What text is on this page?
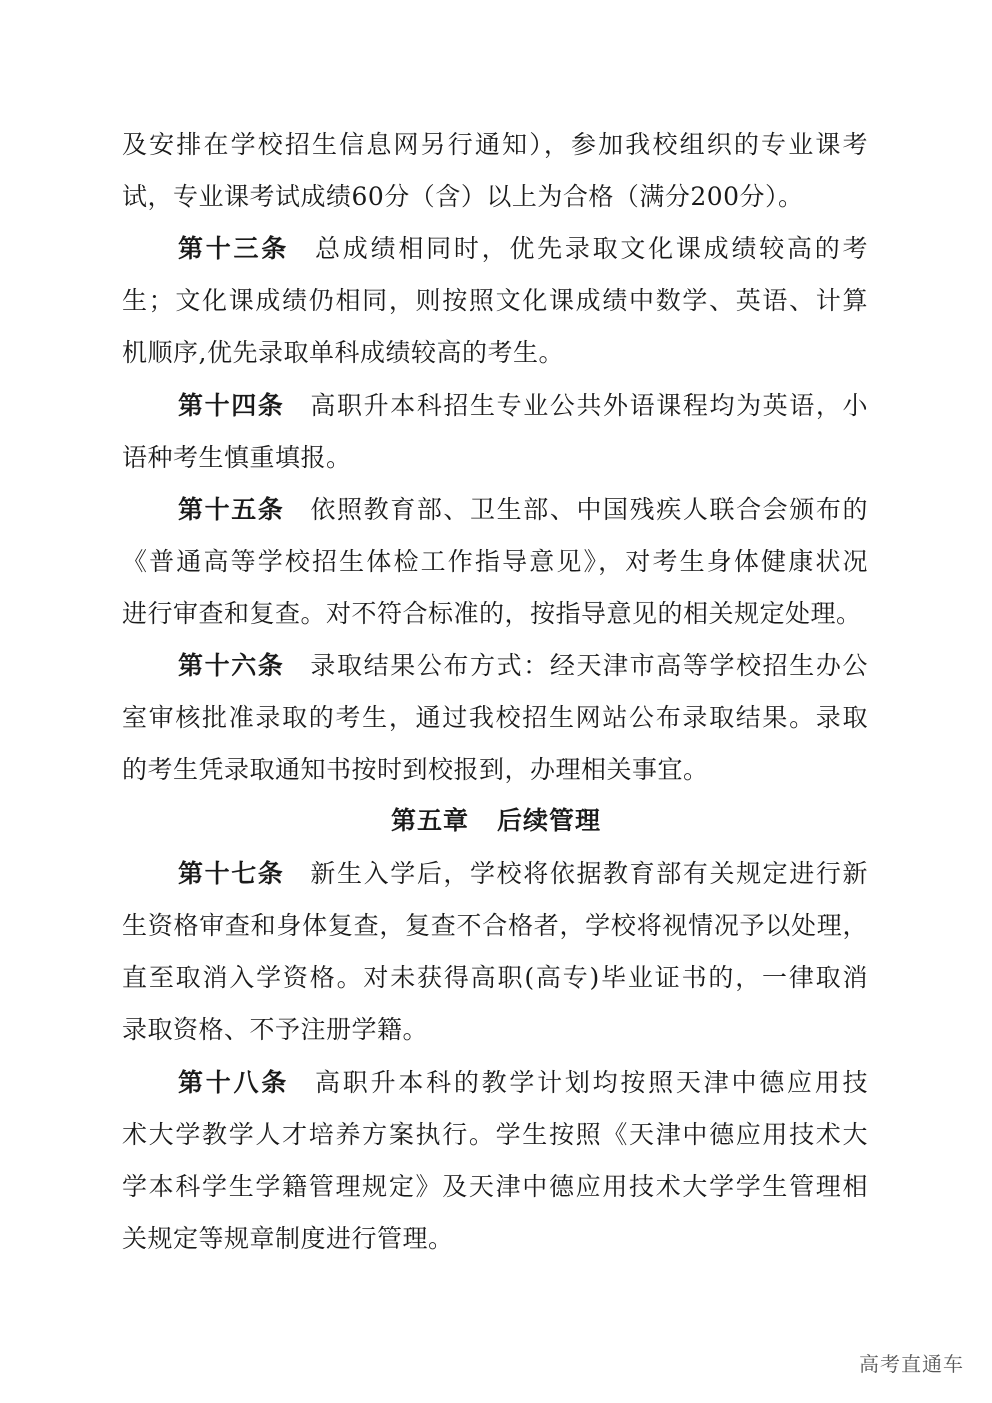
及安排在学校招生信息网另行通知），参加我校组织的专业课考
试，专业课考试成绩60分（含）以上为合格（满分200分）。
第十三条 总成绩相同时，优先录取文化课成绩较高的考
生；文化课成绩仍相同，则按照文化课成绩中数学、英语、计算
机顺序,优先录取单科成绩较高的考生。
第十四条 高职升本科招生专业公共外语课程均为英语，小
语种考生慎重填报。
第十五条 依照教育部、卫生部、中国残疾人联合会颁布的
《普通高等学校招生体检工作指导意见》，对考生身体健康状况
进行审查和复查。对不符合标准的，按指导意见的相关规定处理。
第十六条 录取结果公布方式：经天津市高等学校招生办公
室审核批准录取的考生，通过我校招生网站公布录取结果。录取
的考生凭录取通知书按时到校报到，办理相关事宜。
第五章 后续管理
第十七条 新生入学后，学校将依据教育部有关规定进行新
生资格审查和身体复查，复查不合格者，学校将视情况予以处理，
直至取消入学资格。对未获得高职(高专)毕业证书的，一律取消
录取资格、不予注册学籍。
第十八条 高职升本科的教学计划均按照天津中德应用技
术大学教学人才培养方案执行。学生按照《天津中德应用技术大
学本科学生学籍管理规定》及天津中德应用技术大学学生管理相
关规定等规章制度进行管理。
高考直通车
